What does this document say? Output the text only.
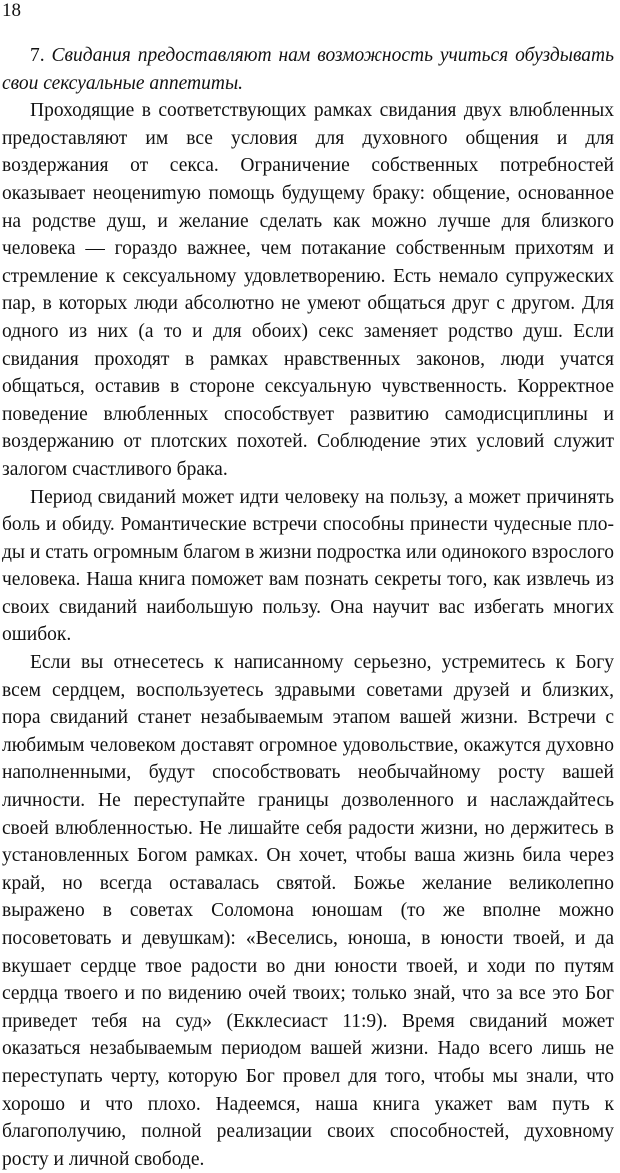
18

7. Свидания предоставляют нам возможность учиться обуздывать свои сексуальные аппетиты.

Проходящие в соответствующих рамках свидания двух влюбленных предоставляют им все условия для духовного общения и для воздержания от секса. Ограничение собственных потребностей оказывает неоцениmую помощь будущему браку: общение, основанное на родстве душ, и желание сделать как можно лучше для близкого человека — гораздо важнее, чем потакание собственным прихотям и стремление к сексуальному удовлетворению. Есть немало супружеских пар, в которых люди абсолютно не умеют общаться друг с другом. Для одного из них (а то и для обоих) секс заменяет родство душ. Если свидания проходят в рамках нравственных законов, люди учатся общаться, оставив в стороне сексуальную чувственность. Корректное поведение влюбленных способствует развитию самодисциплины и воздержанию от плотских похотей. Соблюдение этих условий служит залогом счастливого брака.

Период свиданий может идти человеку на пользу, а может причинять боль и обиду. Романтические встречи способны принести чудесные плоды и стать огромным благом в жизни подростка или одинокого взрослого человека. Наша книга поможет вам познать секреты того, как извлечь из своих свиданий наибольшую пользу. Она научит вас избегать многих ошибок.

Если вы отнесетесь к написанному серьезно, устремитесь к Богу всем сердцем, воспользуетесь здравыми советами друзей и близких, пора свиданий станет незабываемым этапом вашей жизни. Встречи с любимым человеком доставят огромное удовольствие, окажутся духовно наполненными, будут способствовать необычайному росту вашей личности. Не переступайте границы дозволенного и наслаждайтесь своей влюбленностью. Не лишайте себя радости жизни, но держитесь в установленных Богом рамках. Он хочет, чтобы ваша жизнь била через край, но всегда оставалась святой. Божье желание великолепно выражено в советах Соломона юношам (то же вполне можно посоветовать и девушкам): «Веселись, юноша, в юности твоей, и да вкушает сердце твое радости во дни юности твоей, и ходи по путям сердца твоего и по видению очей твоих; только знай, что за все это Бог приведет тебя на суд» (Екклесиаст 11:9). Время свиданий может оказаться незабываемым периодом вашей жизни. Надо всего лишь не переступать черту, которую Бог провел для того, чтобы мы знали, что хорошо и что плохо. Надеемся, наша книга укажет вам путь к благополучию, полной реализации своих способностей, духовному росту и личной свободе.
